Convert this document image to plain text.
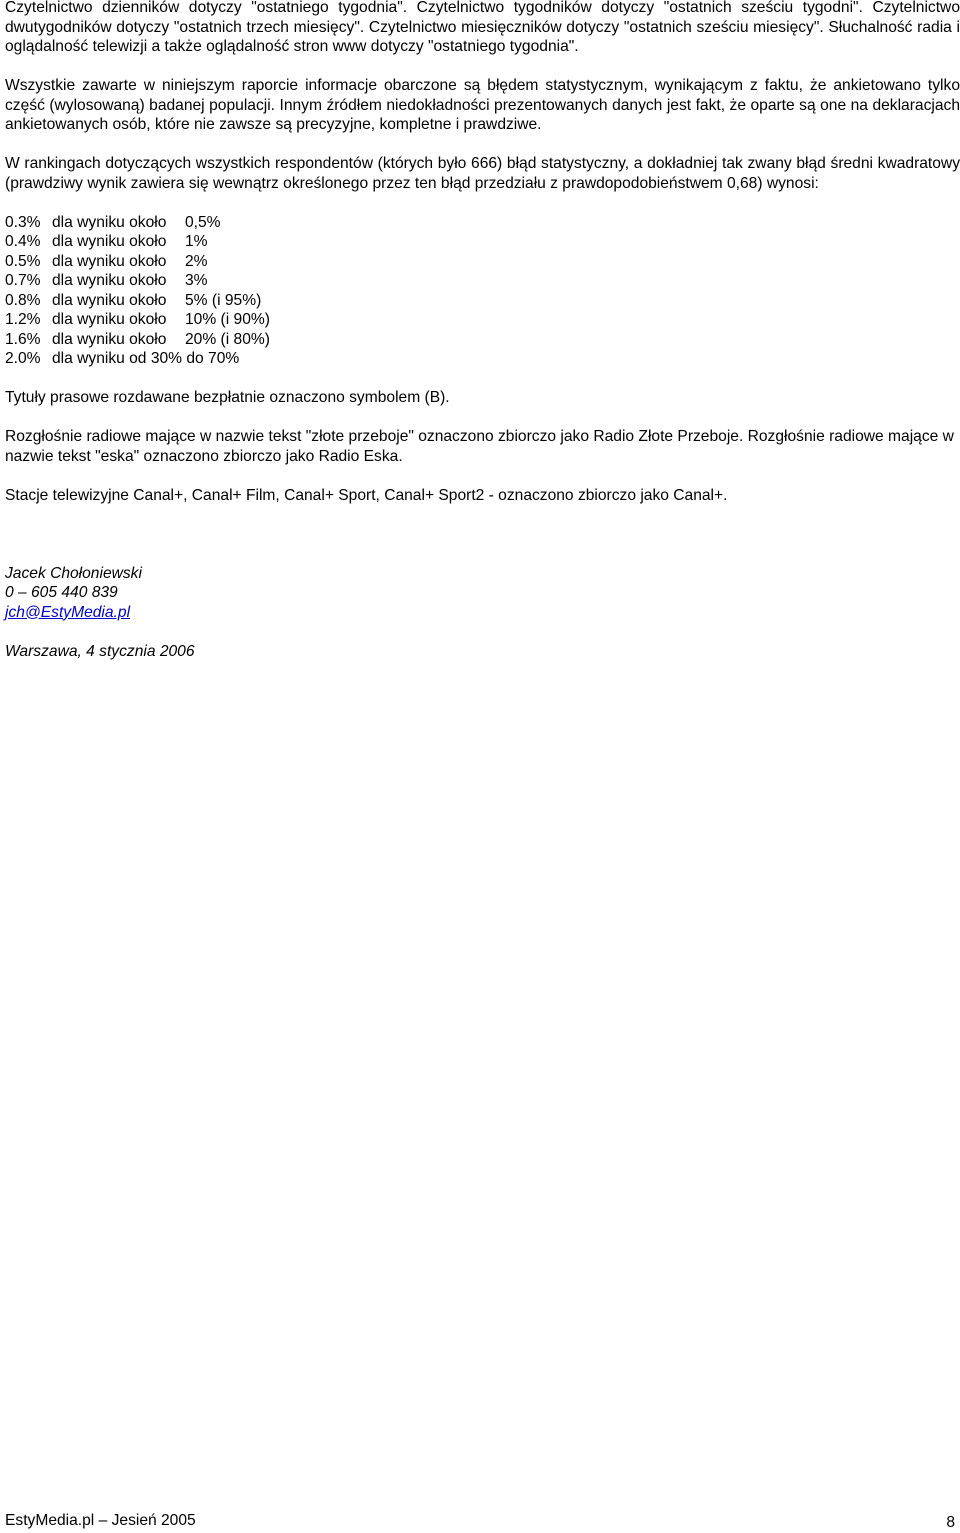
Czytelnictwo dzienników dotyczy "ostatniego tygodnia". Czytelnictwo tygodników dotyczy "ostatnich sześciu tygodni". Czytelnictwo dwutygodników dotyczy "ostatnich trzech miesięcy". Czytelnictwo miesięczników dotyczy "ostatnich sześciu miesięcy". Słuchalność radia i oglądalność telewizji a także oglądalność stron www dotyczy "ostatniego tygodnia".

Wszystkie zawarte w niniejszym raporcie informacje obarczone są błędem statystycznym, wynikającym z faktu, że ankietowano tylko część (wylosowaną) badanej populacji. Innym źródłem niedokładności prezentowanych danych jest fakt, że oparte są one na deklaracjach ankietowanych osób, które nie zawsze są precyzyjne, kompletne i prawdziwe.

W rankingach dotyczących wszystkich respondentów (których było 666) błąd statystyczny, a dokładniej tak zwany błąd średni kwadratowy (prawdziwy wynik zawiera się wewnątrz określonego przez ten błąd przedziału z prawdopodobieństwem 0,68) wynosi:

0.3% dla wyniku około	0,5%
0.4% dla wyniku około	1%
0.5% dla wyniku około	2%
0.7% dla wyniku około	3%
0.8% dla wyniku około	5% (i 95%)
1.2% dla wyniku około	10% (i 90%)
1.6% dla wyniku około	20% (i 80%)
2.0% dla wyniku od 30% do 70%

Tytuły prasowe rozdawane bezpłatnie oznaczono symbolem (B).

Rozgłośnie radiowe mające w nazwie tekst "złote przeboje" oznaczono zbiorczo jako Radio Złote Przeboje. Rozgłośnie radiowe mające w nazwie tekst "eska" oznaczono zbiorczo jako Radio Eska.

Stacje telewizyjne Canal+, Canal+ Film, Canal+ Sport, Canal+ Sport2 - oznaczono zbiorczo jako Canal+.

Jacek Chołoniewski

0 – 605 440 839

jch@EstyMedia.pl

Warszawa, 4 stycznia 2006

EstyMedia.pl – Jesień 2005	8
